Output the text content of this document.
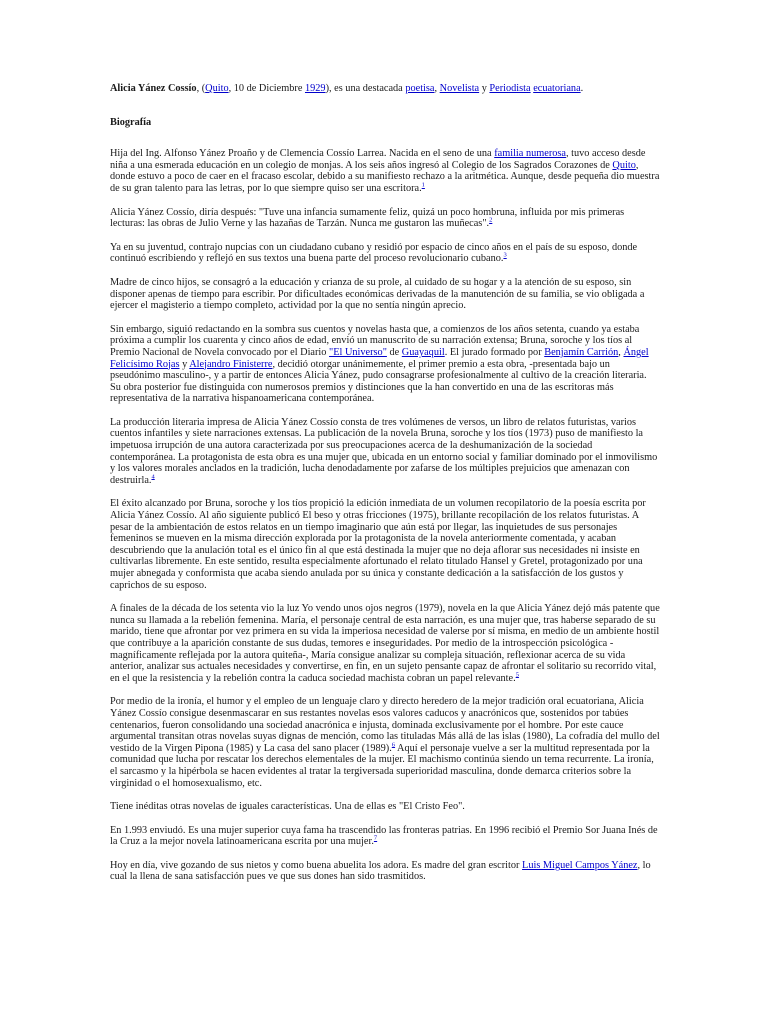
Alicia Yánez Cossío, (Quito, 10 de Diciembre 1929), es una destacada poetisa, Novelista y Periodista ecuatoriana.

Biografía

Hija del Ing. Alfonso Yánez Proaño y de Clemencia Cossío Larrea. Nacida en el seno de una familia numerosa, tuvo acceso desde niña a una esmerada educación en un colegio de monjas. A los seis años ingresó al Colegio de los Sagrados Corazones de Quito, donde estuvo a poco de caer en el fracaso escolar, debido a su manifiesto rechazo a la aritmética. Aunque, desde pequeña dio muestra de su gran talento para las letras, por lo que siempre quiso ser una escritora.$^1$

Alicia Yánez Cossío, diría después: "Tuve una infancia sumamente feliz, quizá un poco hombruna, influida por mis primeras lecturas: las obras de Julio Verne y las hazañas de Tarzán. Nunca me gustaron las muñecas".$^2$

Ya en su juventud, contrajo nupcias con un ciudadano cubano y residió por espacio de cinco años en el país de su esposo, donde continuó escribiendo y reflejó en sus textos una buena parte del proceso revolucionario cubano.$^3$

Madre de cinco hijos, se consagró a la educación y crianza de su prole, al cuidado de su hogar y a la atención de su esposo, sin disponer apenas de tiempo para escribir. Por dificultades económicas derivadas de la manutención de su familia, se vio obligada a ejercer el magisterio a tiempo completo, actividad por la que no sentía ningún aprecio.

Sin embargo, siguió redactando en la sombra sus cuentos y novelas hasta que, a comienzos de los años setenta, cuando ya estaba próxima a cumplir los cuarenta y cinco años de edad, envió un manuscrito de su narración extensa; Bruna, soroche y los tíos al Premio Nacional de Novela convocado por el Diario "El Universo" de Guayaquil. El jurado formado por Benjamín Carrión, Ángel Felicísimo Rojas y Alejandro Finisterre, decidió otorgar unánimemente, el primer premio a esta obra, -presentada bajo un pseudónimo masculino-, y a partir de entonces Alicia Yánez, pudo consagrarse profesionalmente al cultivo de la creación literaria. Su obra posterior fue distinguida con numerosos premios y distinciones que la han convertido en una de las escritoras más representativa de la narrativa hispanoamericana contemporánea.

La producción literaria impresa de Alicia Yánez Cossío consta de tres volúmenes de versos, un libro de relatos futuristas, varios cuentos infantiles y siete narraciones extensas. La publicación de la novela Bruna, soroche y los tíos (1973) puso de manifiesto la impetuosa irrupción de una autora caracterizada por sus preocupaciones acerca de la deshumanización de la sociedad contemporánea. La protagonista de esta obra es una mujer que, ubicada en un entorno social y familiar dominado por el inmovilismo y los valores morales anclados en la tradición, lucha denodadamente por zafarse de los múltiples prejuicios que amenazan con destruirla.$^4$

El éxito alcanzado por Bruna, soroche y los tíos propició la edición inmediata de un volumen recopilatorio de la poesía escrita por Alicia Yánez Cossío. Al año siguiente publicó El beso y otras fricciones (1975), brillante recopilación de los relatos futuristas. A pesar de la ambientación de estos relatos en un tiempo imaginario que aún está por llegar, las inquietudes de sus personajes femeninos se mueven en la misma dirección explorada por la protagonista de la novela anteriormente comentada, y acaban descubriendo que la anulación total es el único fin al que está destinada la mujer que no deja aflorar sus necesidades ni insiste en cultivarlas libremente. En este sentido, resulta especialmente afortunado el relato titulado Hansel y Gretel, protagonizado por una mujer abnegada y conformista que acaba siendo anulada por su única y constante dedicación a la satisfacción de los gustos y caprichos de su esposo.

A finales de la década de los setenta vio la luz Yo vendo unos ojos negros (1979), novela en la que Alicia Yánez dejó más patente que nunca su llamada a la rebelión femenina. María, el personaje central de esta narración, es una mujer que, tras haberse separado de su marido, tiene que afrontar por vez primera en su vida la imperiosa necesidad de valerse por sí misma, en medio de un ambiente hostil que contribuye a la aparición constante de sus dudas, temores e inseguridades. Por medio de la introspección psicológica -magníficamente reflejada por la autora quiteña-, María consigue analizar su compleja situación, reflexionar acerca de su vida anterior, analizar sus actuales necesidades y convertirse, en fin, en un sujeto pensante capaz de afrontar el solitario su recorrido vital, en el que la resistencia y la rebelión contra la caduca sociedad machista cobran un papel relevante.$^5$

Por medio de la ironía, el humor y el empleo de un lenguaje claro y directo heredero de la mejor tradición oral ecuatoriana, Alicia Yánez Cossío consigue desenmascarar en sus restantes novelas esos valores caducos y anacrónicos que, sostenidos por tabúes centenarios, fueron consolidando una sociedad anacrónica e injusta, dominada exclusivamente por el hombre. Por este cauce argumental transitan otras novelas suyas dignas de mención, como las tituladas Más allá de las islas (1980), La cofradía del mullo del vestido de la Virgen Pipona (1985) y La casa del sano placer (1989).$^6$ Aquí el personaje vuelve a ser la multitud representada por la comunidad que lucha por rescatar los derechos elementales de la mujer. El machismo continúa siendo un tema recurrente. La ironía, el sarcasmo y la hipérbola se hacen evidentes al tratar la tergiversada superioridad masculina, donde demarca criterios sobre la virginidad o el homosexualismo, etc.

Tiene inéditas otras novelas de iguales características. Una de ellas es "El Cristo Feo".

En 1.993 enviudó. Es una mujer superior cuya fama ha trascendido las fronteras patrias. En 1996 recibió el Premio Sor Juana Inés de la Cruz a la mejor novela latinoamericana escrita por una mujer.$^7$

Hoy en día, vive gozando de sus nietos y como buena abuelita los adora. Es madre del gran escritor Luis Miguel Campos Yánez, lo cual la llena de sana satisfacción pues ve que sus dones han sido trasmitidos.
